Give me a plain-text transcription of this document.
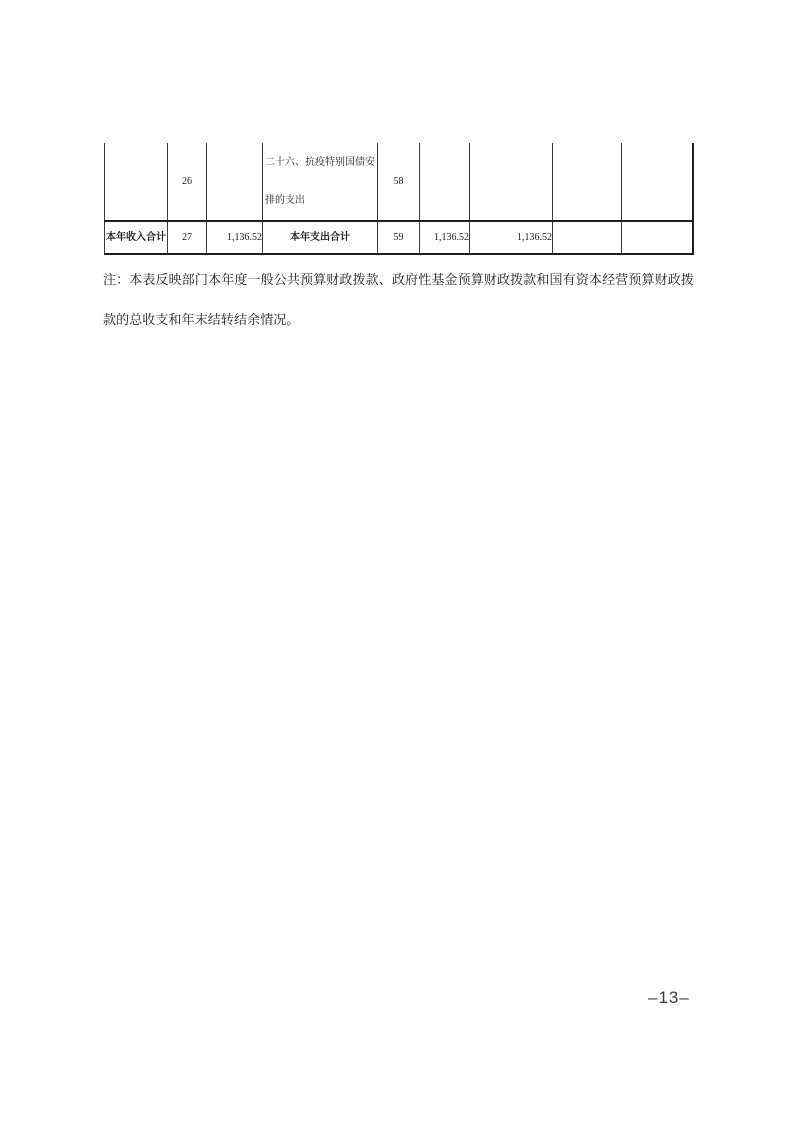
	26		二十六、抗疫特别国债安排的支出	58				
本年收入合计	27	1,136.52	本年支出合计	59	1,136.52	1,136.52		
注：本表反映部门本年度一般公共预算财政拨款、政府性基金预算财政拨款和国有资本经营预算财政拨款的总收支和年末结转结余情况。
–13–
